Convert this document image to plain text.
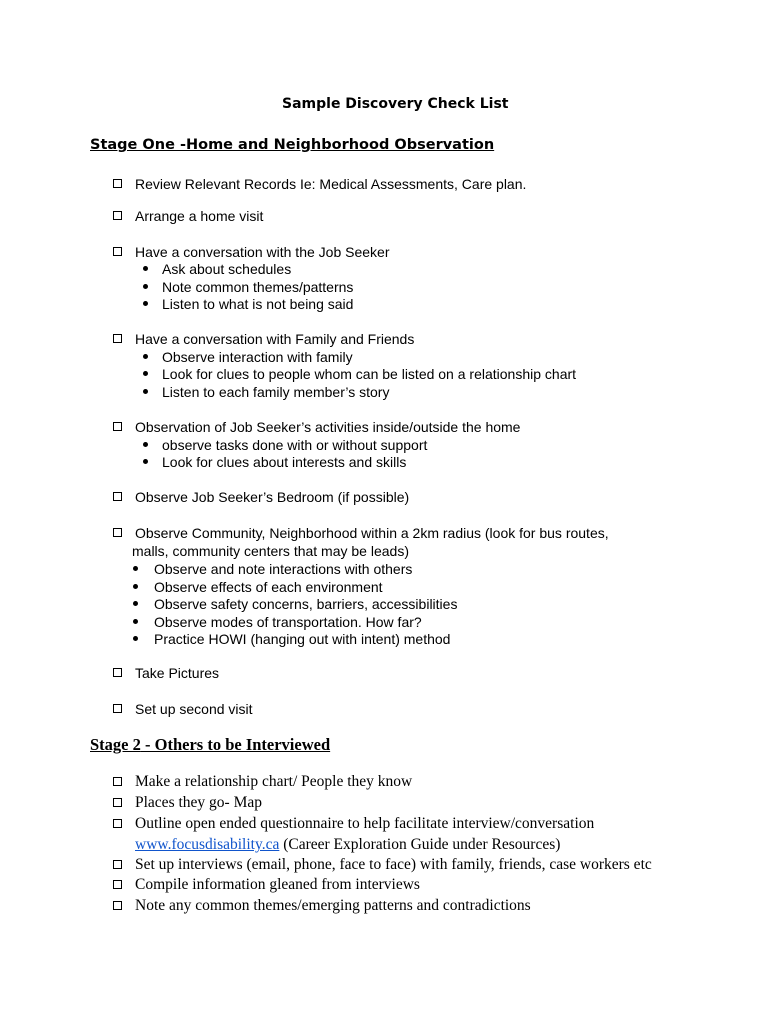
Sample Discovery Check List
Stage One -Home and Neighborhood Observation
Review Relevant Records Ie: Medical Assessments, Care plan.
Arrange a home visit
Have a conversation with the Job Seeker
Ask about schedules
Note common themes/patterns
Listen to what is not being said
Have a conversation with Family and Friends
Observe interaction with family
Look for clues to people whom can be listed on a relationship chart
Listen to each family member’s story
Observation of Job Seeker’s activities inside/outside the home
observe tasks done with or without support
Look for clues about interests and skills
Observe Job Seeker’s Bedroom (if possible)
Observe Community, Neighborhood within a 2km radius (look for bus routes,
malls, community centers that may be leads)
Observe and note interactions with others
Observe effects of each environment
Observe safety concerns, barriers, accessibilities
Observe modes of transportation. How far?
Practice HOWI (hanging out with intent) method
Take Pictures
Set up second visit
Stage 2 - Others to be Interviewed
Make a relationship chart/ People they know
Places they go- Map
Outline open ended questionnaire to help facilitate interview/conversation
www.focusdisability.ca (Career Exploration Guide under Resources)
Set up interviews (email, phone, face to face) with family, friends, case workers etc
Compile information gleaned from interviews
Note any common themes/emerging patterns and contradictions
